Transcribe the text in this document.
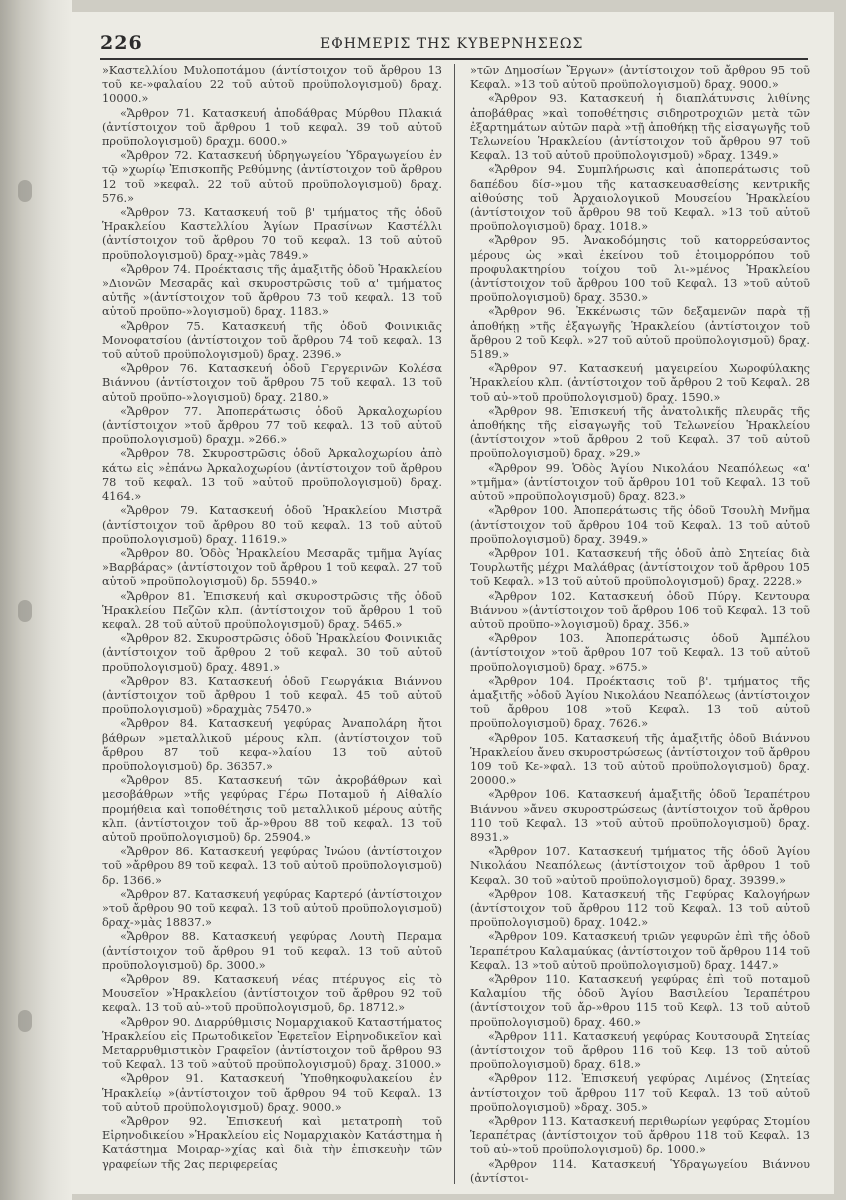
226	ΕΦΗΜΕΡΙΣ ΤΗΣ ΚΥΒΕΡΝΗΣΕΩΣ

»Καστελλίου Μυλοποτάμου (άντίστοιχον τοῦ ἄρθρου 13 τοῦ κε-»φαλαίου 22 τοῦ αὐτοῦ προϋπολογισμοῦ) δραχ. 10000.»

«Ἄρθρον 71. Κατασκευή ἀποδάθρας Μύρθου Πλακιά (ἀντίστοιχον τοῦ ἄρθρου 1 τοῦ κεφαλ. 39 τοῦ αὐτοῦ προϋπολογισμοῦ) δραχμ. 6000.»

«Ἄρθρον 72. Κατασκευή ὑδρηγωγείου Ὑδραγωγείου ἐν τῷ »χωρίῳ Ἐπισκοπῆς Ρεθύμνης (ἀντίστοιχον τοῦ ἄρθρου 12 τοῦ »κεφαλ. 22 τοῦ αὐτοῦ προϋπολογισμοῦ) δραχ. 576.»

«Ἄρθρον 73. Κατασκευή τοῦ β' τμήματος τῆς ὁδοῦ Ἡρακλείου Καστελλίου Ἁγίων Πρασίνων Καστέλλι (ἀντίστοιχον τοῦ ἄρθρου 70 τοῦ κεφαλ. 13 τοῦ αὐτοῦ προϋπολογισμοῦ) δραχ-»μὰς 7849.»

«Ἄρθρον 74. Προέκτασις τῆς ἁμαξιτῆς ὁδοῦ Ἡρακλείου »Διονῶν Μεσαρᾶς καὶ σκυροστρῶσις τοῦ α' τμήματος αὐτῆς »(ἀντίστοιχον τοῦ ἄρθρου 73 τοῦ κεφαλ. 13 τοῦ αὐτοῦ προϋπο-»λογισμοῦ) δραχ. 1183.»

«Ἄρθρον 75. Κατασκευή τῆς ὁδοῦ Φοινικιᾶς Μονοφατσίου (ἀντίστοιχον τοῦ ἄρθρου 74 τοῦ κεφαλ. 13 τοῦ αὐτοῦ προϋπολογισμοῦ) δραχ. 2396.»

«Ἄρθρον 76. Κατασκευή ὁδοῦ Γεργερινῶν Κολέσα Βιάννου (ἀντίστοιχον τοῦ ἄρθρου 75 τοῦ κεφαλ. 13 τοῦ αὐτοῦ προϋπο-»λογισμοῦ) δραχ. 2180.»

«Ἄρθρον 77. Ἀποπεράτωσις ὁδοῦ Ἀρκαλοχωρίου (ἀντίστοιχον »τοῦ ἄρθρου 77 τοῦ κεφαλ. 13 τοῦ αὐτοῦ προϋπολογισμοῦ) δραχμ. »266.»

«Ἄρθρον 78. Σκυροστρῶσις ὁδοῦ Ἀρκαλοχωρίου ἀπὸ κάτω εἰς »ἐπάνω Ἀρκαλοχωρίου (ἀντίστοιχον τοῦ ἄρθρου 78 τοῦ κεφαλ. 13 τοῦ »αὐτοῦ προϋπολογισμοῦ) δραχ. 4164.»

«Ἄρθρον 79. Κατασκευή ὁδοῦ Ἡρακλείου Μιστρᾶ (ἀντίστοιχον τοῦ ἄρθρου 80 τοῦ κεφαλ. 13 τοῦ αὐτοῦ προϋπολογισμοῦ) δραχ. 11619.»

«Ἄρθρον 80. Ὁδὸς Ἡρακλείου Μεσαρᾶς τμῆμα Ἁγίας »Βαρβάρας» (ἀντίστοιχον τοῦ ἄρθρου 1 τοῦ κεφαλ. 27 τοῦ αὐτοῦ »προϋπολογισμοῦ) δρ. 55940.»

«Ἄρθρον 81. Ἐπισκευή καὶ σκυροστρῶσις τῆς ὁδοῦ Ἡρακλείου Πεζῶν κλπ. (ἀντίστοιχον τοῦ ἄρθρου 1 τοῦ κεφαλ. 28 τοῦ αὐτοῦ προϋπολογισμοῦ) δραχ. 5465.»

«Ἄρθρον 82. Σκυροστρῶσις ὁδοῦ Ἡρακλείου Φοινικιᾶς (ἀντίστοιχον τοῦ ἄρθρου 2 τοῦ κεφαλ. 30 τοῦ αὐτοῦ προϋπολογισμοῦ) δραχ. 4891.»

«Ἄρθρον 83. Κατασκευή ὁδοῦ Γεωργάκια Βιάννου (ἀντίστοιχον τοῦ ἄρθρου 1 τοῦ κεφαλ. 45 τοῦ αὐτοῦ προϋπολογισμοῦ) »δραχμὰς 75470.»

«Ἄρθρον 84. Κατασκευή γεφύρας Ἀναπολάρη ἤτοι βάθρων »μεταλλικοῦ μέρους κλπ. (ἀντίστοιχον τοῦ ἄρθρου 87 τοῦ κεφα-»λαίου 13 τοῦ αὐτοῦ προϋπολογισμοῦ) δρ. 36357.»

«Ἄρθρον 85. Κατασκευή τῶν ἀκροβάθρων καὶ μεσοβάθρων »τῆς γεφύρας Γέρω Ποταμοῦ ἡ Αἰθαλίο προμήθεια καὶ τοποθέτησις τοῦ μεταλλικοῦ μέρους αὐτῆς κλπ. (ἀντίστοιχον τοῦ ἄρ-»θρου 88 τοῦ κεφαλ. 13 τοῦ αὐτοῦ προϋπολογισμοῦ) δρ. 25904.»

«Ἄρθρον 86. Κατασκευή γεφύρας Ἰνώου (ἀντίστοιχον τοῦ »ἄρθρου 89 τοῦ κεφαλ. 13 τοῦ αὐτοῦ προϋπολογισμοῦ) δρ. 1366.»

«Ἄρθρον 87. Κατασκευή γεφύρας Καρτερό (ἀντίστοιχον »τοῦ ἄρθρου 90 τοῦ κεφαλ. 13 τοῦ αὐτοῦ προϋπολογισμοῦ) δραχ-»μὰς 18837.»

«Ἄρθρον 88. Κατασκευή γεφύρας Λουτὴ Περαμα (ἀντίστοιχον τοῦ ἄρθρου 91 τοῦ κεφαλ. 13 τοῦ αὐτοῦ προϋπολογισμοῦ) δρ. 3000.»

«Ἄρθρον 89. Κατασκευή νέας πτέρυγος εἰς τὸ Μουσεῖον »Ἡρακλείου (ἀντίστοιχον τοῦ ἄρθρου 92 τοῦ κεφαλ. 13 τοῦ αὐ-»τοῦ προϋπολογισμοῦ, δρ. 18712.»

«Ἄρθρον 90. Διαρρύθμισις Νομαρχιακοῦ Καταστήματος Ἡρακλείου εἰς Πρωτοδικεῖον Ἐφετεῖον Εἰρηνοδικεῖον καὶ Μεταρρυθμιστικὸν Γραφεῖον (ἀντίστοιχον τοῦ ἄρθρου 93 τοῦ Κεφαλ. 13 τοῦ »αὐτοῦ προϋπολογισμοῦ) δραχ. 31000.»

«Ἄρθρον 91. Κατασκευή Ὑποθηκοφυλακείου ἐν Ἡρακλείῳ »(ἀντίστοιχον τοῦ ἄρθρου 94 τοῦ Κεφαλ. 13 τοῦ αὐτοῦ προϋπολογισμοῦ) δραχ. 9000.»

«Ἄρθρον 92. Ἐπισκευή καὶ μετατροπὴ τοῦ Εἰρηνοδικείου »Ἡρακλείου εἰς Νομαρχιακὸν Κατάστημα ἡ Κατάστημα Μοιραρ-»χίας καὶ διὰ τὴν ἐπισκευὴν τῶν γραφείων τῆς 2ας περιφερείας

»τῶν Δημοσίων Ἔργων» (ἀντίστοιχον τοῦ ἄρθρου 95 τοῦ Κεφαλ. »13 τοῦ αὐτοῦ προϋπολογισμοῦ) δραχ. 9000.»

«Ἄρθρον 93. Κατασκευή ἡ διαπλάτυνσις λιθίνης ἀποβάθρας »καὶ τοποθέτησις σιδηροτροχιῶν μετὰ τῶν ἐξαρτημάτων αὐτῶν παρὰ »τῇ ἀποθήκῃ τῆς εἰσαγωγῆς τοῦ Τελωνείου Ἡρακλείου (ἀντίστοιχον τοῦ ἄρθρου 97 τοῦ Κεφαλ. 13 τοῦ αὐτοῦ προϋπολογισμοῦ) »δραχ. 1349.»

«Ἄρθρον 94. Συμπλήρωσις καὶ ἀποπεράτωσις τοῦ δαπέδου δίσ-»μου τῆς κατασκευασθείσης κεντρικῆς αἰθούσης τοῦ Ἀρχαιολογικοῦ Μουσείου Ἡρακλείου (ἀντίστοιχον τοῦ ἄρθρου 98 τοῦ Κεφαλ. »13 τοῦ αὐτοῦ προϋπολογισμοῦ) δραχ. 1018.»

«Ἄρθρον 95. Ἀνακοδόμησις τοῦ κατορρεύσαντος μέρους ὡς »καὶ ἐκείνου τοῦ ἑτοιμορρόπου τοῦ προφυλακτηρίου τοίχου τοῦ λι-»μένος Ἡρακλείου (ἀντίστοιχον τοῦ ἄρθρου 100 τοῦ Κεφαλ. 13 »τοῦ αὐτοῦ προϋπολογισμοῦ) δραχ. 3530.»

«Ἄρθρον 96. Ἐκκένωσις τῶν δεξαμενῶν παρὰ τῇ ἀποθήκῃ »τῆς ἐξαγωγῆς Ἡρακλείου (ἀντίστοιχον τοῦ ἄρθρου 2 τοῦ Κεφλ. »27 τοῦ αὐτοῦ προϋπολογισμοῦ) δραχ. 5189.»

«Ἄρθρον 97. Κατασκευή μαγειρείου Χωροφύλακης Ἡρακλείου κλπ. (ἀντίστοιχον τοῦ ἄρθρου 2 τοῦ Κεφαλ. 28 τοῦ αὐ-»τοῦ προϋπολογισμοῦ) δραχ. 1590.»

«Ἄρθρον 98. Ἐπισκευή τῆς ἀνατολικῆς πλευρᾶς τῆς ἀποθήκης τῆς εἰσαγωγῆς τοῦ Τελωνείου Ἡρακλείου (ἀντίστοιχον »τοῦ ἄρθρου 2 τοῦ Κεφαλ. 37 τοῦ αὐτοῦ προϋπολογισμοῦ) δραχ. »29.»

«Ἄρθρον 99. Ὁδὸς Ἁγίου Νικολάου Νεαπόλεως «α' »τμῆμα» (ἀντίστοιχον τοῦ ἄρθρου 101 τοῦ Κεφαλ. 13 τοῦ αὐτοῦ »προϋπολογισμοῦ) δραχ. 823.»

«Ἄρθρον 100. Ἀποπεράτωσις τῆς ὁδοῦ Τσουλὴ Μνῆμα (ἀντίστοιχον τοῦ ἄρθρου 104 τοῦ Κεφαλ. 13 τοῦ αὐτοῦ προϋπολογισμοῦ) δραχ. 3949.»

«Ἄρθρον 101. Κατασκευή τῆς ὁδοῦ ἀπὸ Σητείας διὰ Τουρλωτῆς μέχρι Μαλάθρας (ἀντίστοιχον τοῦ ἄρθρου 105 τοῦ Κεφαλ. »13 τοῦ αὐτοῦ προϋπολογισμοῦ) δραχ. 2228.»

«Ἄρθρον 102. Κατασκευή ὁδοῦ Πύργ. Κεντουρα Βιάννου »(ἀντίστοιχον τοῦ ἄρθρου 106 τοῦ Κεφαλ. 13 τοῦ αὐτοῦ προϋπο-»λογισμοῦ) δραχ. 356.»

«Ἄρθρον 103. Ἀποπεράτωσις ὁδοῦ Ἀμπέλου (ἀντίστοιχον »τοῦ ἄρθρου 107 τοῦ Κεφαλ. 13 τοῦ αὐτοῦ προϋπολογισμοῦ) δραχ. »675.»

«Ἄρθρον 104. Προέκτασις τοῦ β'. τμήματος τῆς ἁμαξιτῆς »ὁδοῦ Ἁγίου Νικολάου Νεαπόλεως (ἀντίστοιχον τοῦ ἄρθρου 108 »τοῦ Κεφαλ. 13 τοῦ αὐτοῦ προϋπολογισμοῦ) δραχ. 7626.»

«Ἄρθρον 105. Κατασκευή τῆς ἁμαξιτῆς ὁδοῦ Βιάννου Ἡρακλείου ἄνευ σκυροστρώσεως (ἀντίστοιχον τοῦ ἄρθρου 109 τοῦ Κε-»φαλ. 13 τοῦ αὐτοῦ προϋπολογισμοῦ) δραχ. 20000.»

«Ἄρθρον 106. Κατασκευή ἁμαξιτῆς ὁδοῦ Ἱεραπέτρου Βιάννου »ἄνευ σκυροστρώσεως (ἀντίστοιχον τοῦ ἄρθρου 110 τοῦ Κεφαλ. 13 »τοῦ αὐτοῦ προϋπολογισμοῦ) δραχ. 8931.»

«Ἄρθρον 107. Κατασκευή τμήματος τῆς ὁδοῦ Ἁγίου Νικολάου Νεαπόλεως (ἀντίστοιχον τοῦ ἄρθρου 1 τοῦ Κεφαλ. 30 τοῦ »αὐτοῦ προϋπολογισμοῦ) δραχ. 39399.»

«Ἄρθρον 108. Κατασκευή τῆς Γεφύρας Καλογήρων (ἀντίστοιχον τοῦ ἄρθρου 112 τοῦ Κεφαλ. 13 τοῦ αὐτοῦ προϋπολογισμοῦ) δραχ. 1042.»

«Ἄρθρον 109. Κατασκευή τριῶν γεφυρῶν ἐπὶ τῆς ὁδοῦ Ἱεραπέτρου Καλαμαύκας (ἀντίστοιχον τοῦ ἄρθρου 114 τοῦ Κεφαλ. 13 »τοῦ αὐτοῦ προϋπολογισμοῦ) δραχ. 1447.»

«Ἄρθρον 110. Κατασκευή γεφύρας ἐπὶ τοῦ ποταμοῦ Καλαμίου τῆς ὁδοῦ Ἁγίου Βασιλείου Ἱεραπέτρου (ἀντίστοιχον τοῦ ἄρ-»θρου 115 τοῦ Κεφλ. 13 τοῦ αὐτοῦ προϋπολογισμοῦ) δραχ. 460.»

«Ἄρθρον 111. Κατασκευή γεφύρας Κουτσουρᾶ Σητείας (ἀντίστοιχον τοῦ ἄρθρου 116 τοῦ Κεφ. 13 τοῦ αὐτοῦ προϋπολογισμοῦ) δραχ. 618.»

«Ἄρθρον 112. Ἐπισκευή γεφύρας Λιμένος (Σητείας ἀντίστοιχον τοῦ ἄρθρου 117 τοῦ Κεφαλ. 13 τοῦ αὐτοῦ προϋπολογισμοῦ) »δραχ. 305.»

«Ἄρθρον 113. Κατασκευή περιθωρίων γεφύρας Στομίου Ἱεραπέτρας (ἀντίστοιχον τοῦ ἄρθρου 118 τοῦ Κεφαλ. 13 τοῦ αὐ-»τοῦ προϋπολογισμοῦ) δρ. 1000.»

«Ἄρθρον 114. Κατασκευή Ὑδραγωγείου Βιάννου (ἀντίστοι-
